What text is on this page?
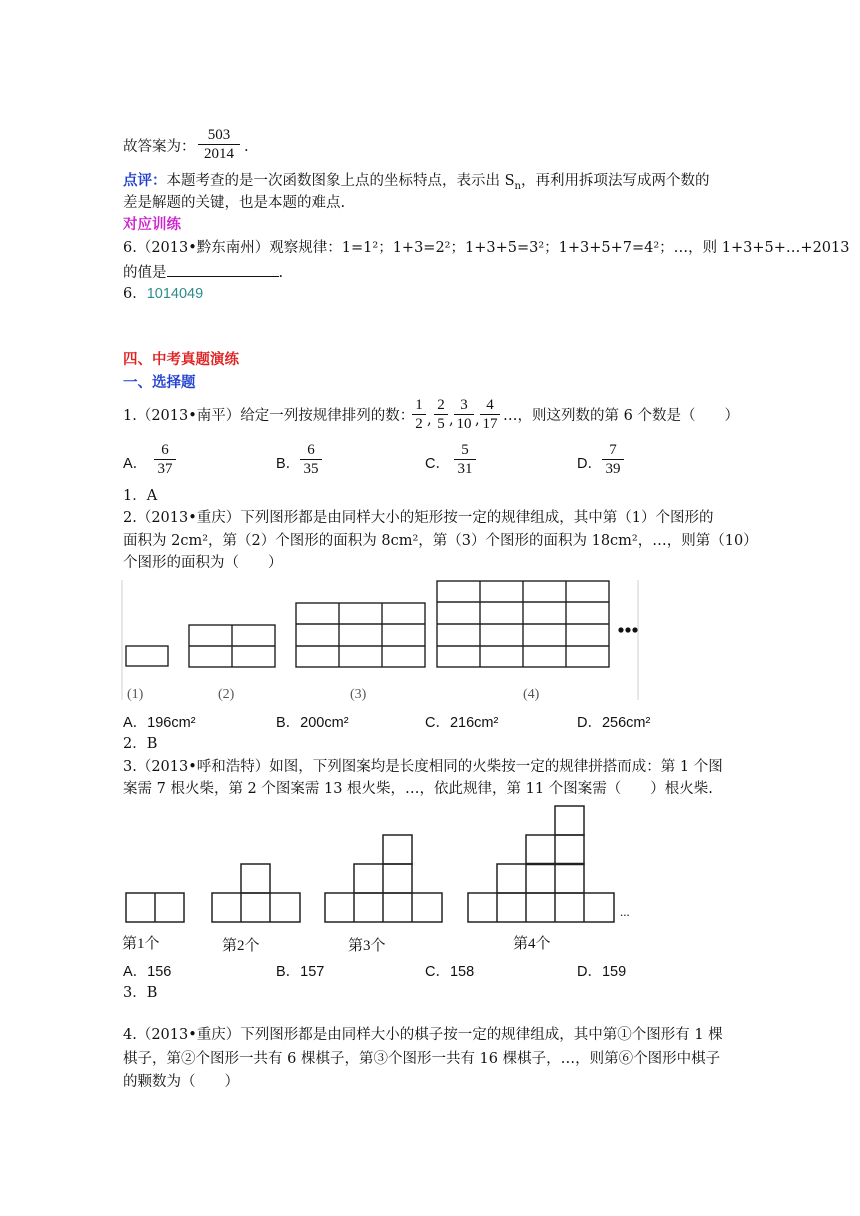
故答案为： $\frac{503}{2014}$ .
点评：本题考查的是一次函数图象上点的坐标特点，表示出 $S_n$，再利用拆项法写成两个数的
差是解题的关键，也是本题的难点.
对应训练
6.（2013•黔东南州）观察规律：1=1²；1+3=2²；1+3+5=3²；1+3+5+7=4²；…，则 1+3+5+…+2013
的值是	.
6．1014049
四、中考真题演练
一、选择题
1.（2013•南平）给定一列按规律排列的数：
$\frac{1}{2}$ , $\frac{2}{5}$ , $\frac{3}{10}$ , $\frac{4}{17}$ …，则这列数的第 6 个数是（　　）
A． $\frac{6}{37}$	B． $\frac{6}{35}$	C． $\frac{5}{31}$	D． $\frac{7}{39}$
1．A
2.（2013•重庆）下列图形都是由同样大小的矩形按一定的规律组成，其中第（1）个图形的
面积为 2cm²，第（2）个图形的面积为 8cm²，第（3）个图形的面积为 18cm²，…，则第（10）
个图形的面积为（　　）
(1)	(2)	(3)	(4)
A．196cm²	B．200cm²	C．216cm²	D．256cm²
2．B
3.（2013•呼和浩特）如图，下列图案均是长度相同的火柴按一定的规律拼搭而成：第 1 个图
案需 7 根火柴，第 2 个图案需 13 根火柴，…，依此规律，第 11 个图案需（　　）根火柴.
...
第1个	第2个	第3个	第4个
A．156	B．157	C．158	D．159
3．B
4.（2013•重庆）下列图形都是由同样大小的棋子按一定的规律组成，其中第①个图形有 1 棵
棋子，第②个图形一共有 6 棵棋子，第③个图形一共有 16 棵棋子，…，则第⑥个图形中棋子
的颗数为（　　）
